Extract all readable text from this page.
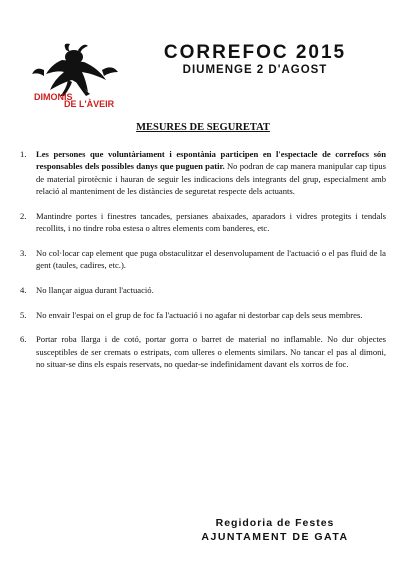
DIMONIS
DE L'ÀVEIR
CORREFOC 2015
DIUMENGE 2 D'AGOST
MESURES DE SEGURETAT
1. Les persones que voluntàriament i espontània participen en l'espectacle de correfocs són responsables dels possibles danys que puguen patir. No podran de cap manera manipular cap tipus de material pirotècnic i hauran de seguir les indicacions dels integrants del grup, especialment amb relació al manteniment de les distàncies de seguretat respecte dels actuants.
2. Mantindre portes i finestres tancades, persianes abaixades, aparadors i vidres protegits i tendals recollits, i no tindre roba estesa o altres elements com banderes, etc.
3. No col·locar cap element que puga obstaculitzar el desenvolupament de l'actuació o el pas fluid de la gent (taules, cadires, etc.).
4. No llançar aigua durant l'actuació.
5. No envair l'espai on el grup de foc fa l'actuació i no agafar ni destorbar cap dels seus membres.
6. Portar roba llarga i de cotó, portar gorra o barret de material no inflamable. No dur objectes susceptibles de ser cremats o estripats, com ulleres o elements similars. No tancar el pas al dimoni, no situar-se dins els espais reservats, no quedar-se indefinidament davant els xorros de foc.
Regidoria de Festes
AJUNTAMENT DE GATA
